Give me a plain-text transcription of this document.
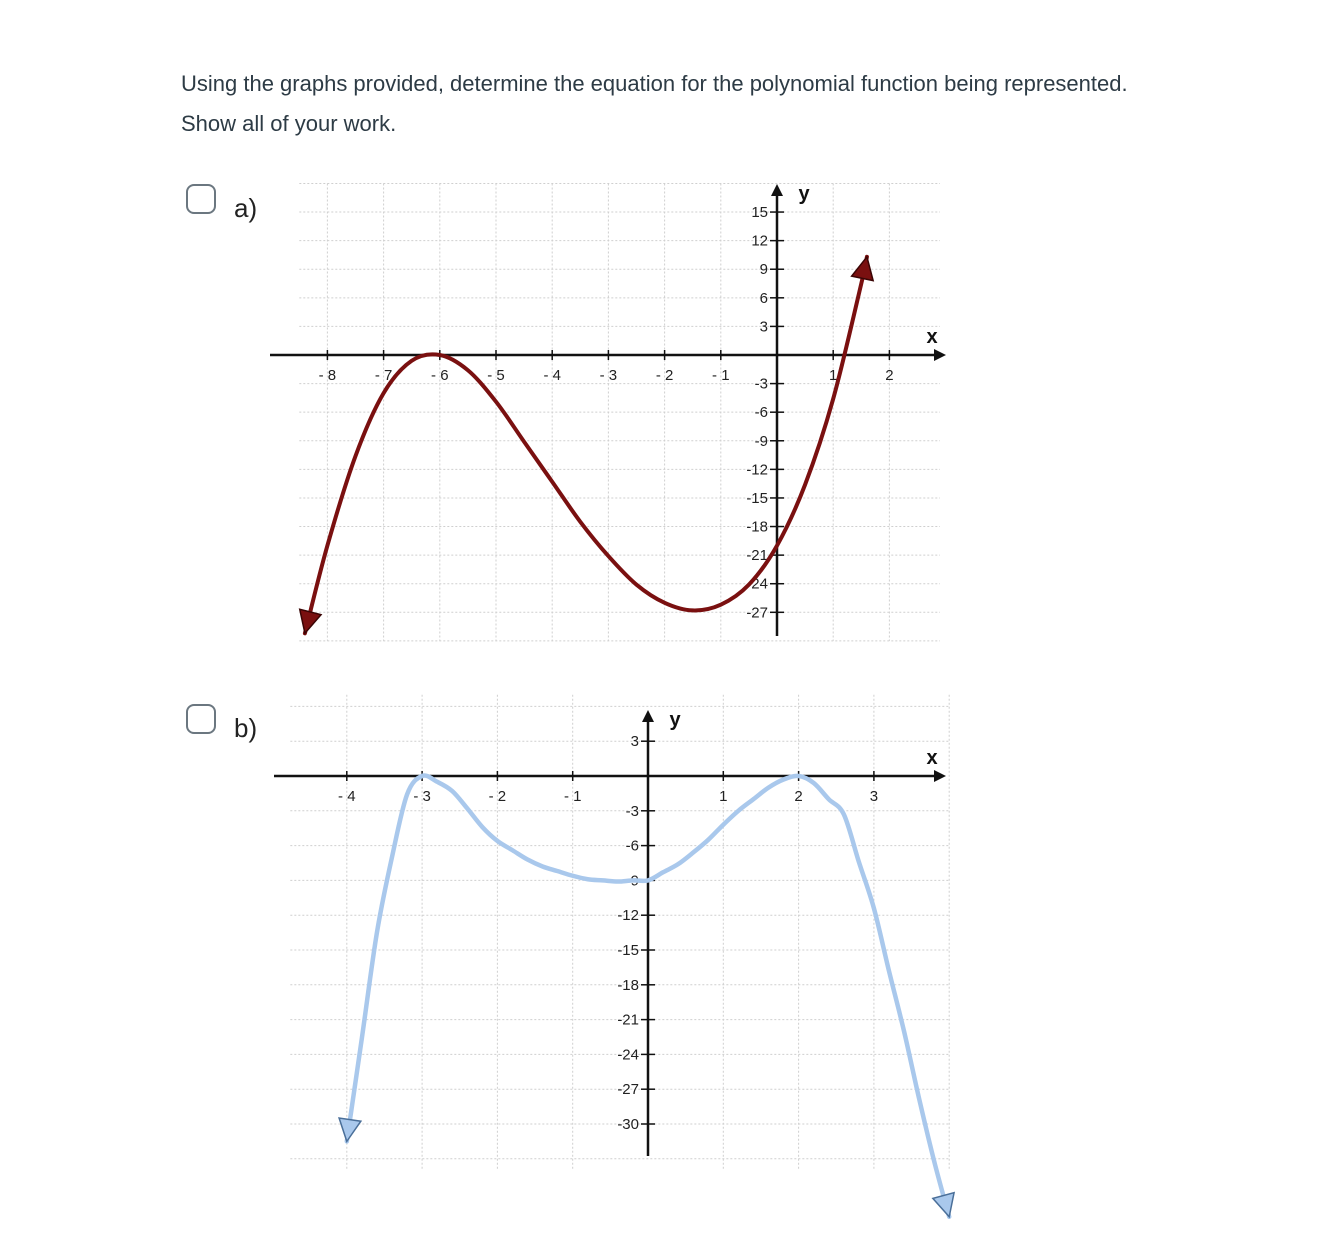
Using the graphs provided, determine the equation for the polynomial function being represented.
Show all of your work.
a)
b)
x
y
- 8	- 7	- 6	- 5	- 4	- 3	- 2	- 1	1	2
15
12
9
6
3
-3
-6
-9
-12
-15
-18
-21
-24
-27
x
y
- 4	- 3	- 2	- 1	1	2	3
3
-3
-6
-9
-12
-15
-18
-21
-24
-27
-30
